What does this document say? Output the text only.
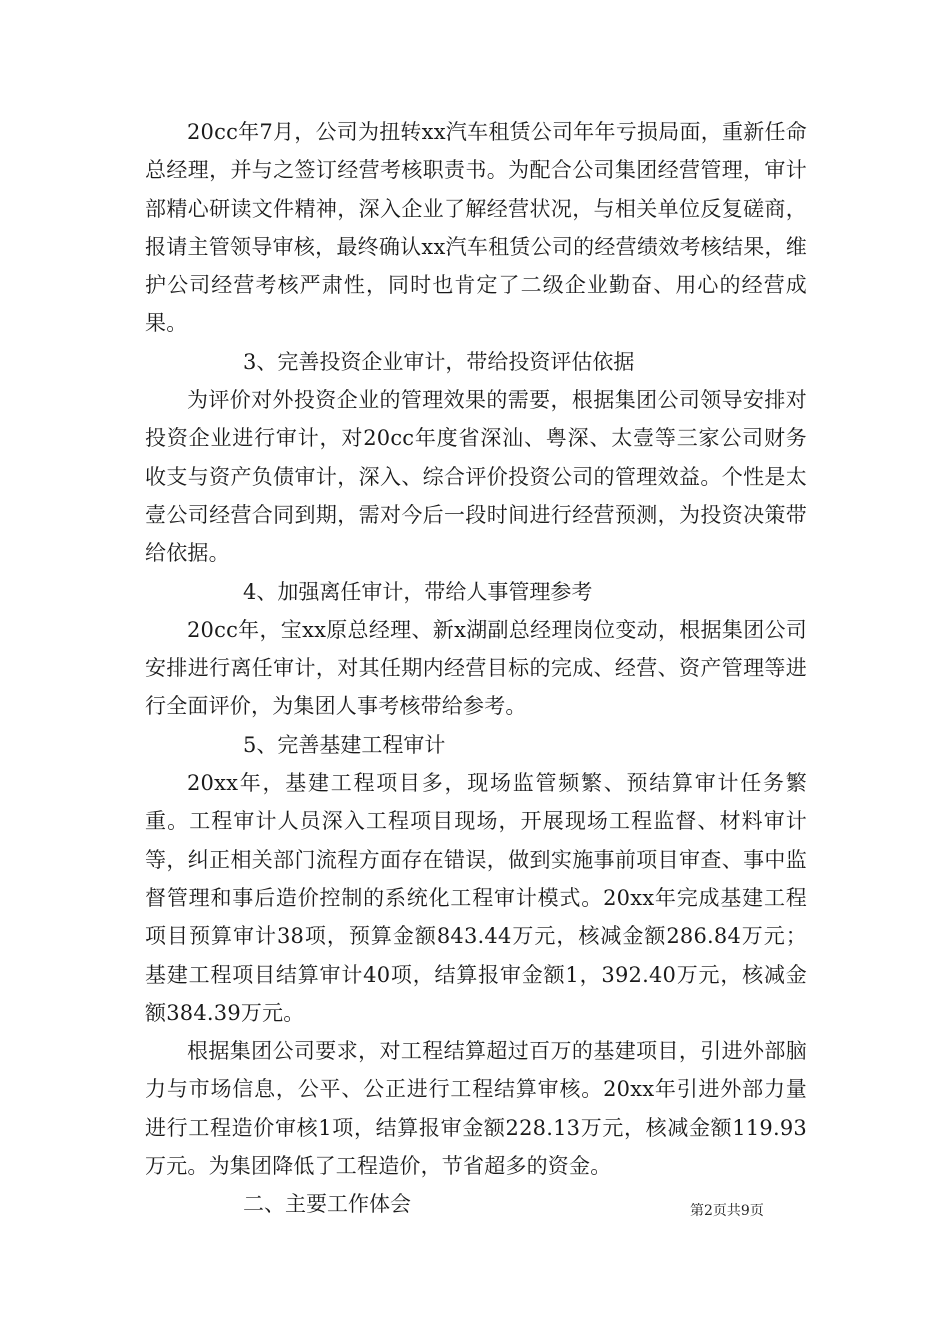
20cc年7月，公司为扭转xx汽车租赁公司年年亏损局面，重新任命总经理，并与之签订经营考核职责书。为配合公司集团经营管理，审计部精心研读文件精神，深入企业了解经营状况，与相关单位反复磋商，报请主管领导审核，最终确认xx汽车租赁公司的经营绩效考核结果，维护公司经营考核严肃性，同时也肯定了二级企业勤奋、用心的经营成果。

3、完善投资企业审计，带给投资评估依据

为评价对外投资企业的管理效果的需要，根据集团公司领导安排对投资企业进行审计，对20cc年度省深汕、粤深、太壹等三家公司财务收支与资产负债审计，深入、综合评价投资公司的管理效益。个性是太壹公司经营合同到期，需对今后一段时间进行经营预测，为投资决策带给依据。

4、加强离任审计，带给人事管理参考

20cc年，宝xx原总经理、新x湖副总经理岗位变动，根据集团公司安排进行离任审计，对其任期内经营目标的完成、经营、资产管理等进行全面评价，为集团人事考核带给参考。

5、完善基建工程审计

20xx年，基建工程项目多，现场监管频繁、预结算审计任务繁重。工程审计人员深入工程项目现场，开展现场工程监督、材料审计等，纠正相关部门流程方面存在错误，做到实施事前项目审查、事中监督管理和事后造价控制的系统化工程审计模式。20xx年完成基建工程项目预算审计38项，预算金额843.44万元，核减金额286.84万元；基建工程项目结算审计40项，结算报审金额1，392.40万元，核减金额384.39万元。

根据集团公司要求，对工程结算超过百万的基建项目，引进外部脑力与市场信息，公平、公正进行工程结算审核。20xx年引进外部力量进行工程造价审核1项，结算报审金额228.13万元，核减金额119.93万元。为集团降低了工程造价，节省超多的资金。

二、主要工作体会	第2页共9页
